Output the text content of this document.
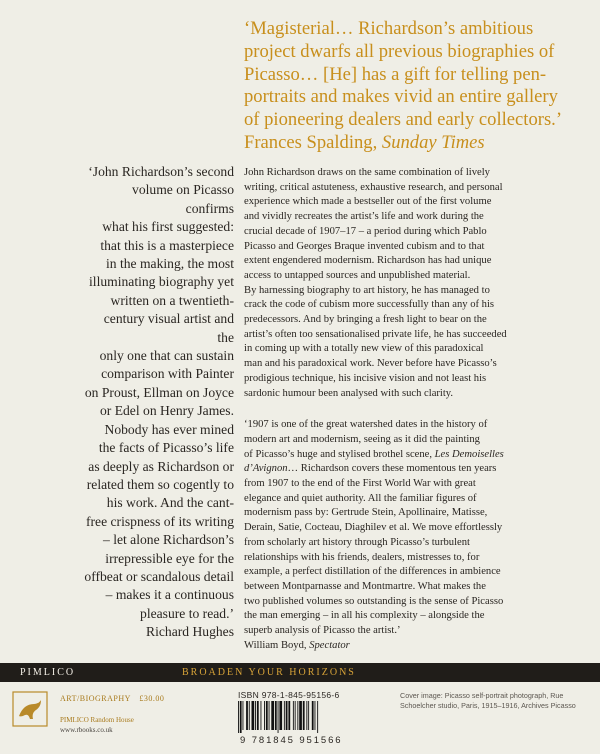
‘Magisterial… Richardson’s ambitious
project dwarfs all previous biographies of
Picasso… [He] has a gift for telling pen-
portraits and makes vivid an entire gallery
of pioneering dealers and early collectors.’
Frances Spalding, Sunday Times
‘John Richardson’s second
volume on Picasso confirms
what his first suggested:
that this is a masterpiece
in the making, the most
illuminating biography yet
written on a twentieth-
century visual artist and the
only one that can sustain
comparison with Painter
on Proust, Ellman on Joyce
or Edel on Henry James.
Nobody has ever mined
the facts of Picasso’s life
as deeply as Richardson or
related them so cogently to
his work. And the cant-
free crispness of its writing
– let alone Richardson’s
irrepressible eye for the
offbeat or scandalous detail
– makes it a continuous
pleasure to read.’
Richard Hughes

John Richardson draws on the same combination of lively
writing, critical astuteness, exhaustive research, and personal
experience which made a bestseller out of the first volume
and vividly recreates the artist’s life and work during the
crucial decade of 1907–17 – a period during which Pablo
Picasso and Georges Braque invented cubism and to that
extent engendered modernism. Richardson has had unique
access to untapped sources and unpublished material.
By harnessing biography to art history, he has managed to
crack the code of cubism more successfully than any of his
predecessors. And by bringing a fresh light to bear on the
artist’s often too sensationalised private life, he has succeeded
in coming up with a totally new view of this paradoxical
man and his paradoxical work. Never before have Picasso’s
prodigious technique, his incisive vision and not least his
sardonic humour been analysed with such clarity.

‘1907 is one of the great watershed dates in the history of
modern art and modernism, seeing as it did the painting
of Picasso’s huge and stylised brothel scene, Les Demoiselles
d’Avignon… Richardson covers these momentous ten years
from 1907 to the end of the First World War with great
elegance and quiet authority. All the familiar figures of
modernism pass by: Gertrude Stein, Apollinaire, Matisse,
Derain, Satie, Cocteau, Diaghilev et al. We move effortlessly
from scholarly art history through Picasso’s turbulent
relationships with his friends, dealers, mistresses to, for
example, a perfect distillation of the differences in ambience
between Montparnasse and Montmartre. What makes the
two published volumes so outstanding is the sense of Picasso
the man emerging – in all his complexity – alongside the
superb analysis of Picasso the artist.’
William Boyd, Spectator

PIMLICO	BROADEN YOUR HORIZONS
ART/BIOGRAPHY £30.00
PIMLICO Random House
www.rbooks.co.uk
ISBN 978-1-845-95156-6
9 781845 951566
Cover image: Picasso self-portrait photograph, Rue Schoelcher studio, Paris, 1915–1916, Archives Picasso
